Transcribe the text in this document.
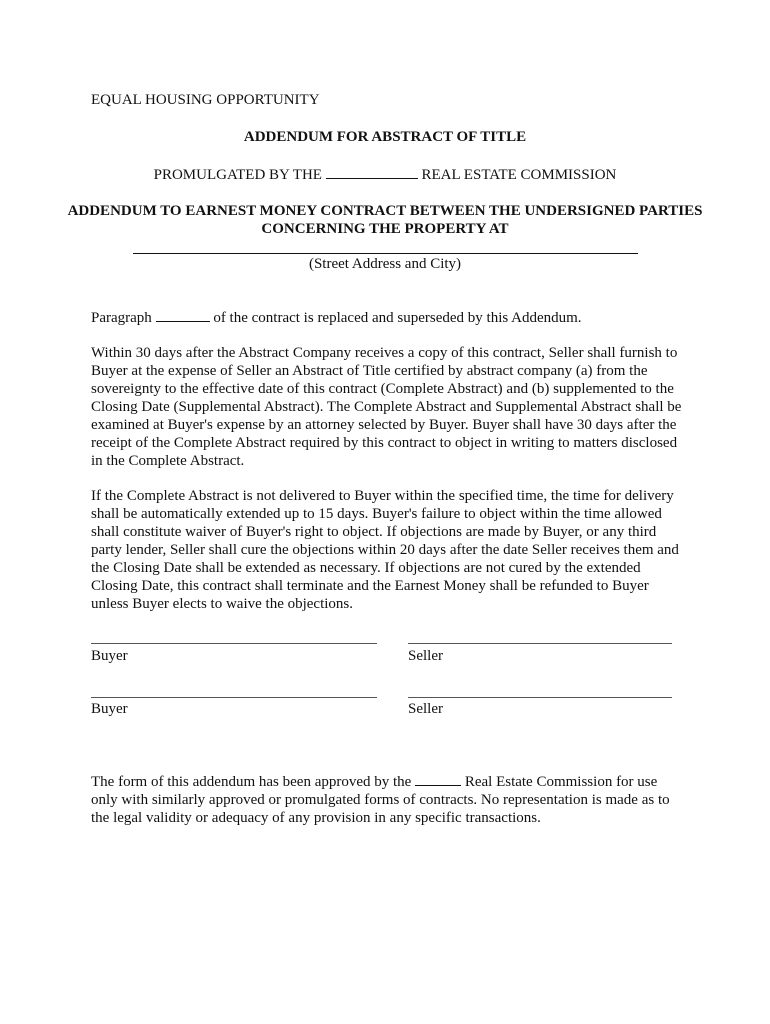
EQUAL HOUSING OPPORTUNITY
ADDENDUM FOR ABSTRACT OF TITLE
PROMULGATED BY THE	REAL ESTATE COMMISSION
ADDENDUM TO EARNEST MONEY CONTRACT BETWEEN THE UNDERSIGNED PARTIES CONCERNING THE PROPERTY AT
(Street Address and City)
Paragraph	of the contract is replaced and superseded by this Addendum.
Within 30 days after the Abstract Company receives a copy of this contract, Seller shall furnish to Buyer at the expense of Seller an Abstract of Title certified by abstract company (a) from the sovereignty to the effective date of this contract (Complete Abstract) and (b) supplemented to the Closing Date (Supplemental Abstract). The Complete Abstract and Supplemental Abstract shall be examined at Buyer's expense by an attorney selected by Buyer. Buyer shall have 30 days after the receipt of the Complete Abstract required by this contract to object in writing to matters disclosed in the Complete Abstract.
If the Complete Abstract is not delivered to Buyer within the specified time, the time for delivery shall be automatically extended up to 15 days. Buyer's failure to object within the time allowed shall constitute waiver of Buyer's right to object. If objections are made by Buyer, or any third party lender, Seller shall cure the objections within 20 days after the date Seller receives them and the Closing Date shall be extended as necessary. If objections are not cured by the extended Closing Date, this contract shall terminate and the Earnest Money shall be refunded to Buyer unless Buyer elects to waive the objections.
Buyer	Seller
Buyer	Seller
The form of this addendum has been approved by the	Real Estate Commission for use only with similarly approved or promulgated forms of contracts. No representation is made as to the legal validity or adequacy of any provision in any specific transactions.
